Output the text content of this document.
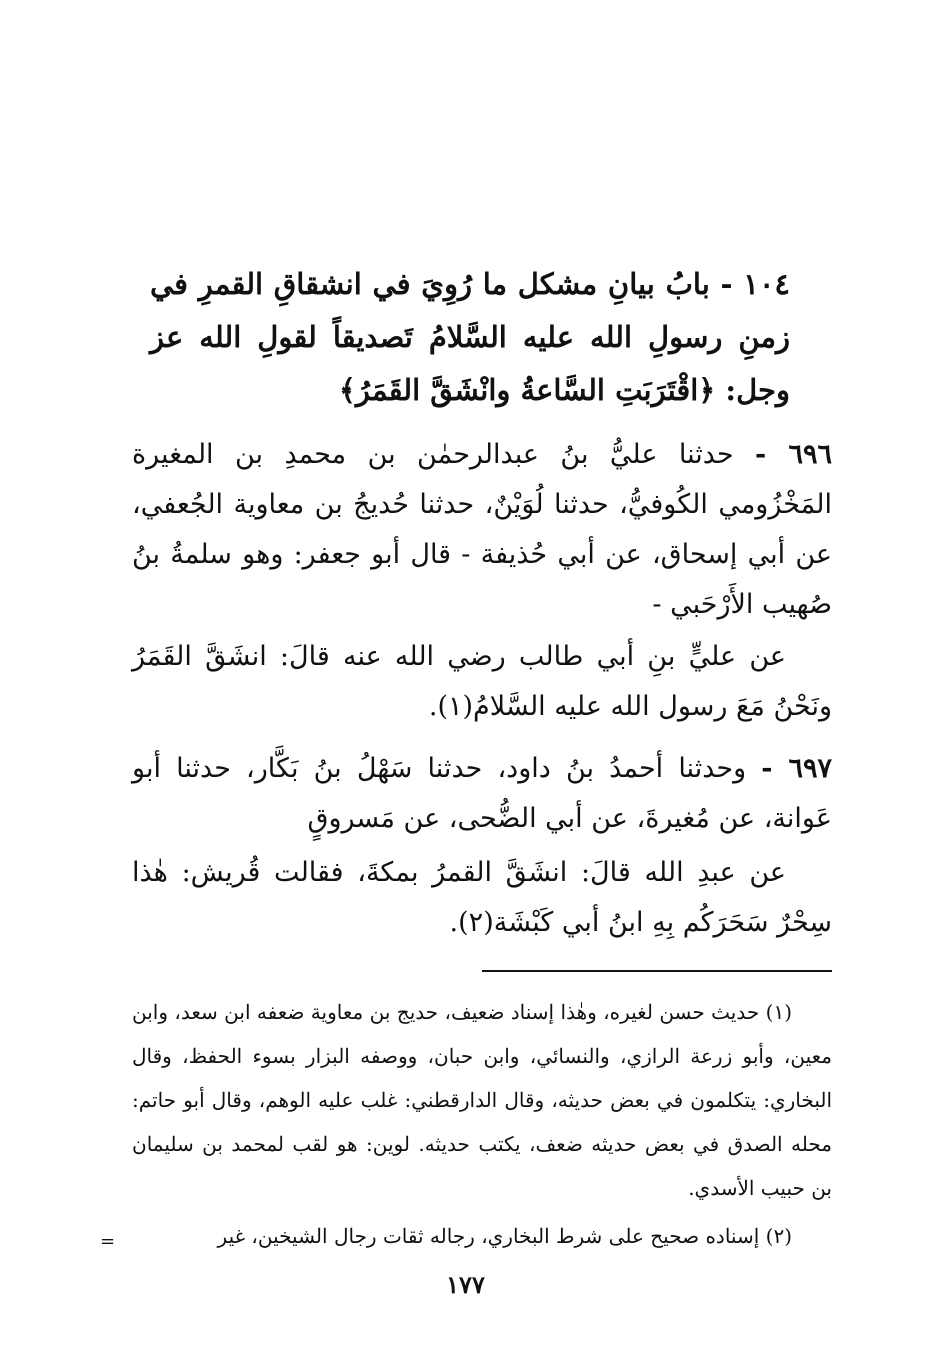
١٠٤ - بابُ بيانِ مشكل ما رُوِيَ في انشقاقِ القمرِ في زمنِ رسولِ الله عليه السَّلامُ تَصديقاً لقولِ الله عز وجل: ﴿اقْتَرَبَتِ السَّاعةُ وانْشَقَّ القَمَرُ﴾
٦٩٦ - حدثنا عليُّ بنُ عبدالرحمٰن بن محمدِ بن المغيرة المَخْزُومي الكُوفيُّ، حدثنا لُوَيْنٌ، حدثنا حُديجُ بن معاوية الجُعفي، عن أبي إسحاق، عن أبي حُذيفة - قال أبو جعفر: وهو سلمةُ بنُ صُهيب الأَرْحَبي -
عن عليٍّ بنِ أبي طالب رضي الله عنه قالَ: انشَقَّ القَمَرُ ونَحْنُ مَعَ رسول الله عليه السَّلامُ(١).
٦٩٧ - وحدثنا أحمدُ بنُ داود، حدثنا سَهْلُ بنُ بَكَّار، حدثنا أبو عَوانة، عن مُغيرةَ، عن أبي الضُّحى، عن مَسروقٍ
عن عبدِ الله قالَ: انشَقَّ القمرُ بمكةَ، فقالت قُريش: هٰذا سِحْرٌ سَحَرَكُم بِهِ ابنُ أبي كَبْشَة(٢).
(١) حديث حسن لغيره، وهٰذا إسناد ضعيف، حديج بن معاوية ضعفه ابن سعد، وابن معين، وأبو زرعة الرازي، والنسائي، وابن حبان، ووصفه البزار بسوء الحفظ، وقال البخاري: يتكلمون في بعض حديثه، وقال الدارقطني: غلب عليه الوهم، وقال أبو حاتم: محله الصدق في بعض حديثه ضعف، يكتب حديثه. لوين: هو لقب لمحمد بن سليمان بن حبيب الأسدي.
(٢) إسناده صحيح على شرط البخاري، رجاله ثقات رجال الشيخين، غير
=
١٧٧
